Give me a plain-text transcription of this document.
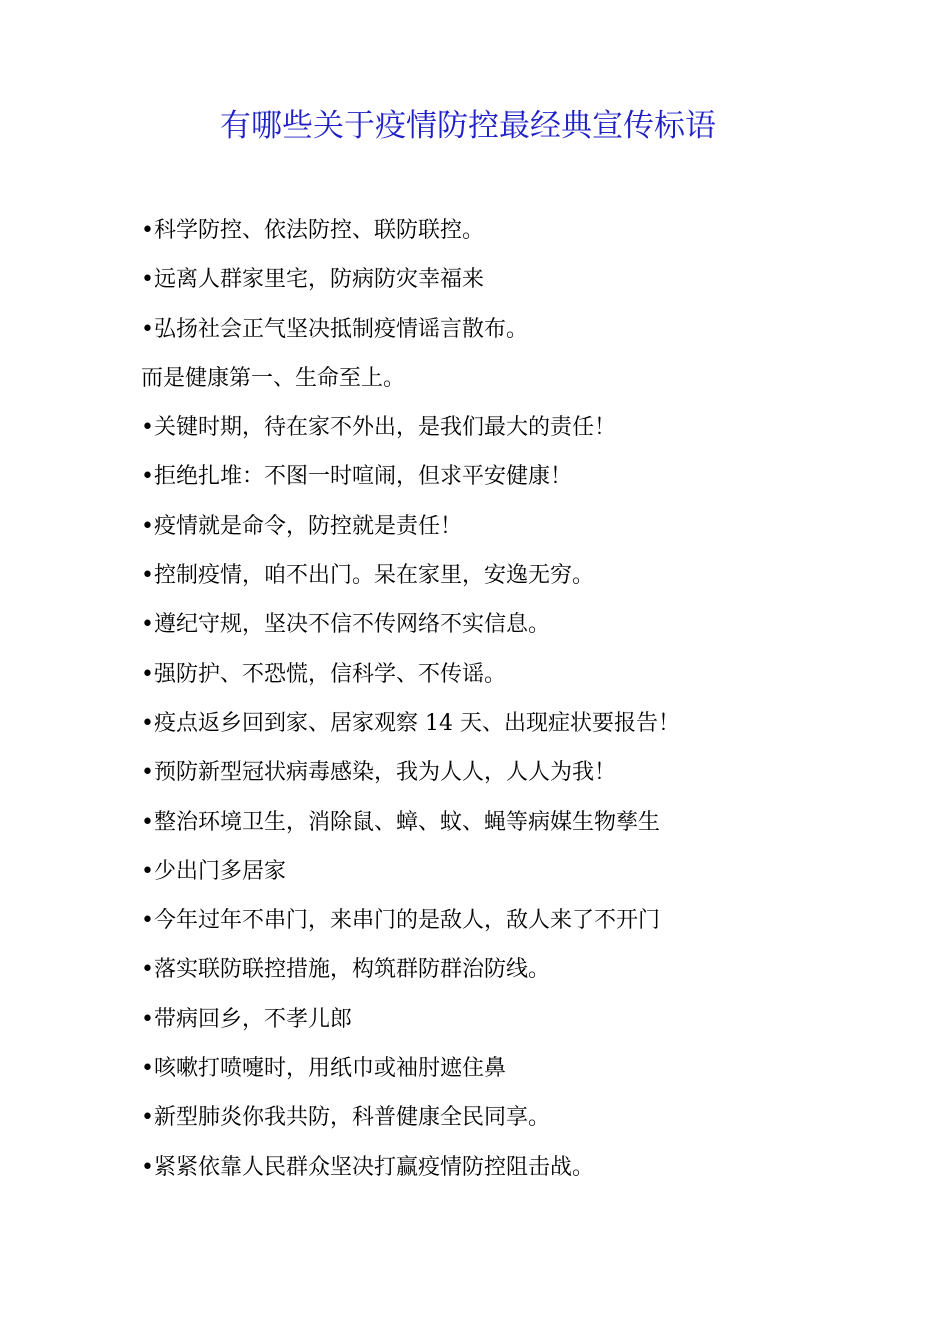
有哪些关于疫情防控最经典宣传标语
•科学防控、依法防控、联防联控。
•远离人群家里宅，防病防灾幸福来
•弘扬社会正气坚决抵制疫情谣言散布。
而是健康第一、生命至上。
•关键时期，待在家不外出，是我们最大的责任！
•拒绝扎堆：不图一时喧闹，但求平安健康！
•疫情就是命令，防控就是责任！
•控制疫情，咱不出门。呆在家里，安逸无穷。
•遵纪守规，坚决不信不传网络不实信息。
•强防护、不恐慌，信科学、不传谣。
•疫点返乡回到家、居家观察 14 天、出现症状要报告！
•预防新型冠状病毒感染，我为人人，人人为我！
•整治环境卫生，消除鼠、蟑、蚊、蝇等病媒生物孳生
•少出门多居家
•今年过年不串门，来串门的是敌人，敌人来了不开门
•落实联防联控措施，构筑群防群治防线。
•带病回乡，不孝儿郎
•咳嗽打喷嚏时，用纸巾或袖肘遮住鼻
•新型肺炎你我共防，科普健康全民同享。
•紧紧依靠人民群众坚决打赢疫情防控阻击战。
